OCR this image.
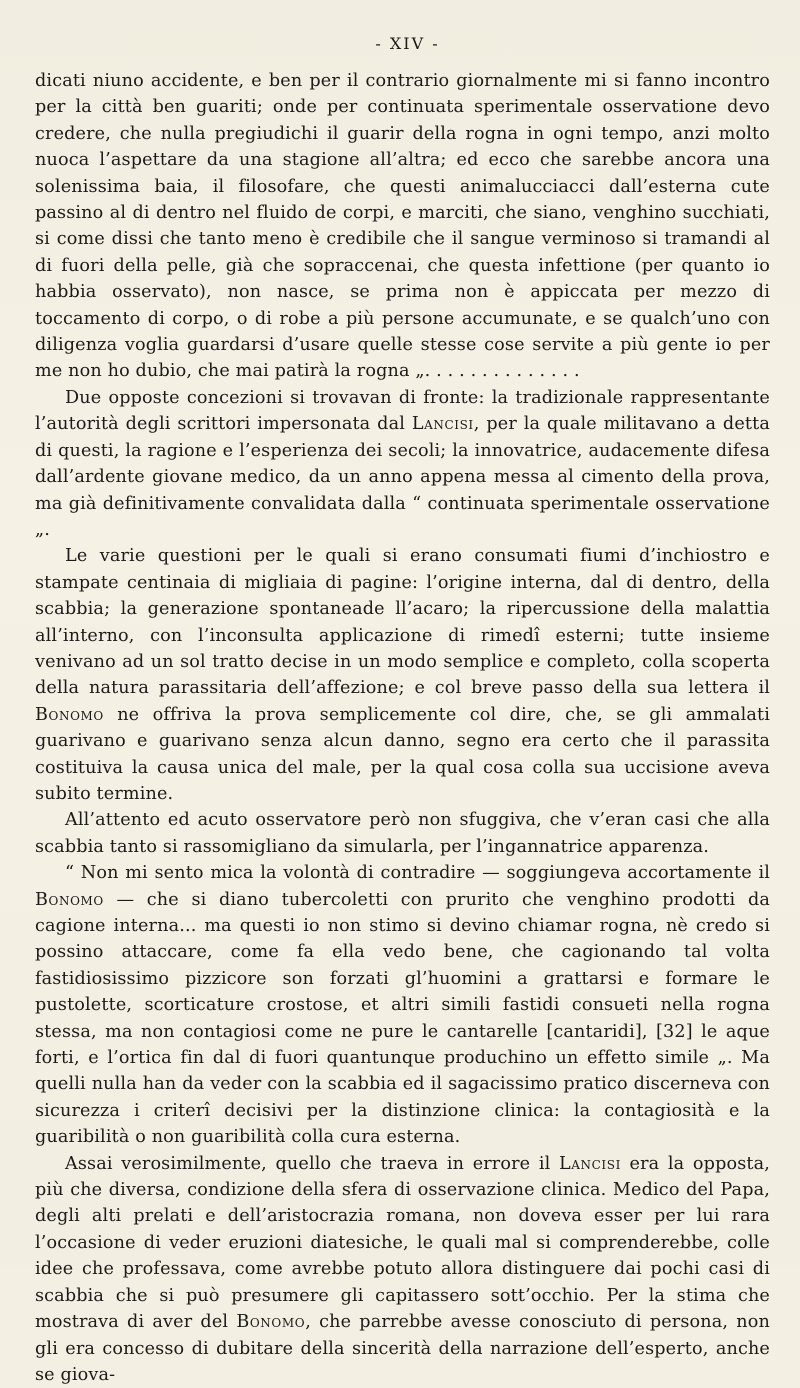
- XIV -

dicati niuno accidente, e ben per il contrario giornalmente mi si fanno incontro per la città ben guariti; onde per continuata sperimentale osservatione devo credere, che nulla pregiudichi il guarir della rogna in ogni tempo, anzi molto nuoca l’aspettare da una stagione all’altra; ed ecco che sarebbe ancora una solenissima baia, il filosofare, che questi animalucciacci dall’esterna cute passino al di dentro nel fluido de corpi, e marciti, che siano, venghino succhiati, si come dissi che tanto meno è credibile che il sangue verminoso si tramandi al di fuori della pelle, già che sopraccenai, che questa infettione (per quanto io habbia osservato), non nasce, se prima non è appiccata per mezzo di toccamento di corpo, o di robe a più persone accumunate, e se qualch’uno con diligenza voglia guardarsi d’usare quelle stesse cose servite a più gente io per me non ho dubio, che mai patirà la rogna „. . . . . . . . . . . . . .

Due opposte concezioni si trovavan di fronte: la tradizionale rappresentante l’autorità degli scrittori impersonata dal Lancisi, per la quale militavano a detta di questi, la ragione e l’esperienza dei secoli; la innovatrice, audacemente difesa dall’ardente giovane medico, da un anno appena messa al cimento della prova, ma già definitivamente convalidata dalla “ continuata sperimentale osservatione „.

Le varie questioni per le quali si erano consumati fiumi d’inchiostro e stampate centinaia di migliaia di pagine: l’origine interna, dal di dentro, della scabbia; la generazione spontaneade ll’acaro; la ripercussione della malattia all’interno, con l’inconsulta applicazione di rimedî esterni; tutte insieme venivano ad un sol tratto decise in un modo semplice e completo, colla scoperta della natura parassitaria dell’affezione; e col breve passo della sua lettera il Bonomo ne offriva la prova semplicemente col dire, che, se gli ammalati guarivano e guarivano senza alcun danno, segno era certo che il parassita costituiva la causa unica del male, per la qual cosa colla sua uccisione aveva subito termine.

All’attento ed acuto osservatore però non sfuggiva, che v’eran casi che alla scabbia tanto si rassomigliano da simularla, per l’ingannatrice apparenza.

“ Non mi sento mica la volontà di contradire — soggiungeva accortamente il Bonomo — che si diano tubercoletti con prurito che venghino prodotti da cagione interna... ma questi io non stimo si devino chiamar rogna, nè credo si possino attaccare, come fa ella vedo bene, che cagionando tal volta fastidiosissimo pizzicore son forzati gl’huomini a grattarsi e formare le pustolette, scorticature crostose, et altri simili fastidi consueti nella rogna stessa, ma non contagiosi come ne pure le cantarelle [cantaridi], [32] le aque forti, e l’ortica fin dal di fuori quantunque produchino un effetto simile „. Ma quelli nulla han da veder con la scabbia ed il sagacissimo pratico discerneva con sicurezza i criterî decisivi per la distinzione clinica: la contagiosità e la guaribilità o non guaribilità colla cura esterna.

Assai verosimilmente, quello che traeva in errore il Lancisi era la opposta, più che diversa, condizione della sfera di osservazione clinica. Medico del Papa, degli alti prelati e dell’aristocrazia romana, non doveva esser per lui rara l’occasione di veder eruzioni diatesiche, le quali mal si comprenderebbe, colle idee che professava, come avrebbe potuto allora distinguere dai pochi casi di scabbia che si può presumere gli capitassero sott’occhio. Per la stima che mostrava di aver del Bonomo, che parrebbe avesse conosciuto di persona, non gli era concesso di dubitare della sincerità della narrazione dell’esperto, anche se giova-
